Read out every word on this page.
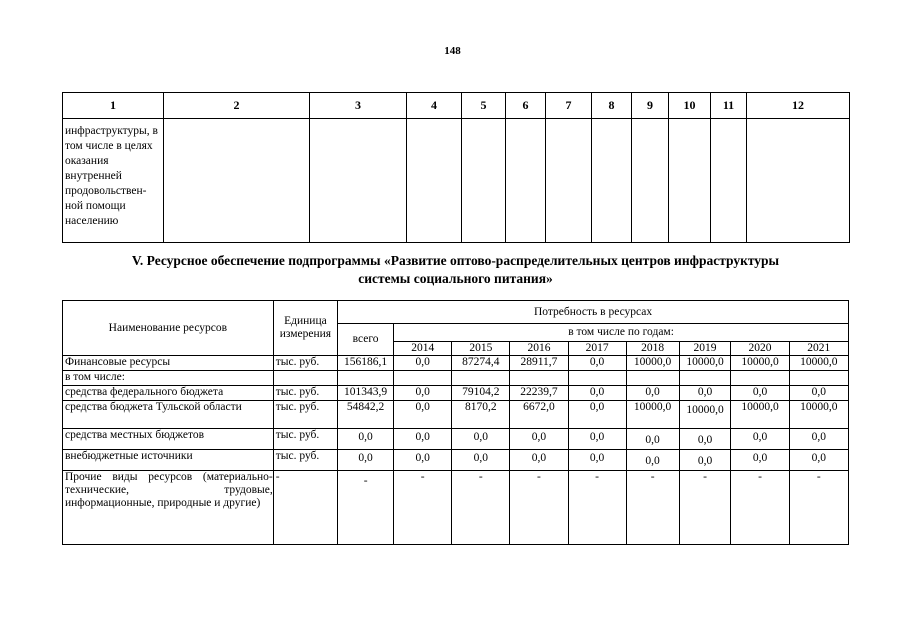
148
1	2	3	4	5	6	7	8	9	10	11	12
инфраструктуры, в том числе в целях оказания внутренней продовольствен-ной помощи населению											
V. Ресурсное обеспечение подпрограммы «Развитие оптово-распределительных центров инфраструктуры
системы социального питания»
Наименование ресурсов	Единица измерения	Потребность в ресурсах								
		всего	в том числе по годам:							
			2014	2015	2016	2017	2018	2019	2020	2021
Финансовые ресурсы	тыс. руб.	156186,1	0,0	87274,4	28911,7	0,0	10000,0	10000,0	10000,0	10000,0
в том числе:										
средства федерального бюджета	тыс. руб.	101343,9	0,0	79104,2	22239,7	0,0	0,0	0,0	0,0	0,0
средства бюджета Тульской области	тыс. руб.	54842,2	0,0	8170,2	6672,0	0,0	10000,0	10000,0	10000,0	10000,0
средства местных бюджетов	тыс. руб.	0,0	0,0	0,0	0,0	0,0	0,0	0,0	0,0	0,0
внебюджетные источники	тыс. руб.	0,0	0,0	0,0	0,0	0,0	0,0	0,0	0,0	0,0
Прочие виды ресурсов (материально-технические, трудовые, информационные, природные и другие)	-	-	-	-	-	-	-	-	-	-
